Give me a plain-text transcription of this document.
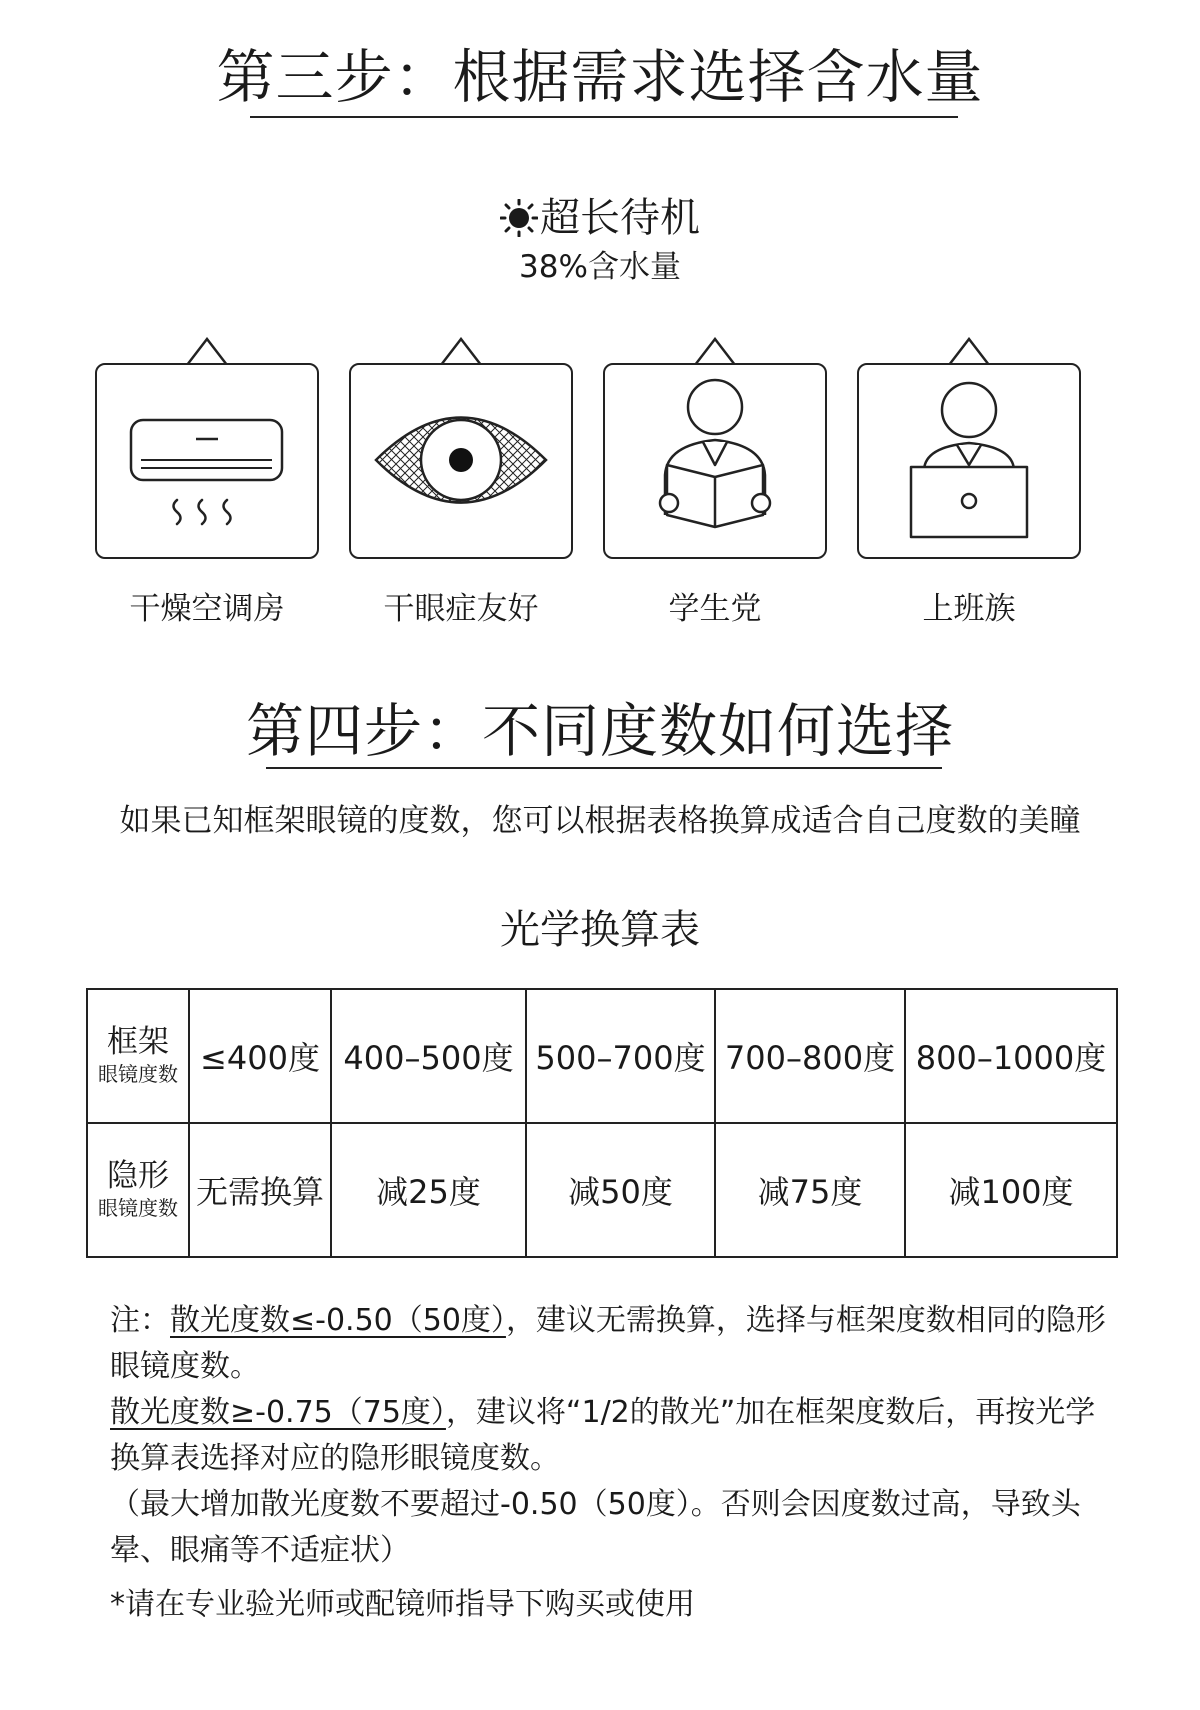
第三步：根据需求选择含水量
超长待机
38%含水量
干燥空调房	干眼症友好	学生党	上班族
第四步：不同度数如何选择
如果已知框架眼镜的度数，您可以根据表格换算成适合自己度数的美瞳
光学换算表
框架
眼镜度数	≤400度	400–500度	500–700度	700–800度	800–1000度

隐形
眼镜度数	无需换算	减25度	减50度	减75度	减100度

注：散光度数≤-0.50（50度），建议无需换算，选择与框架度数相同的隐形眼镜度数。

散光度数≥-0.75（75度），建议将“1/2的散光”加在框架度数后，再按光学换算表选择对应的隐形眼镜度数。

（最大增加散光度数不要超过-0.50（50度）。否则会因度数过高，导致头晕、眼痛等不适症状）

*请在专业验光师或配镜师指导下购买或使用
